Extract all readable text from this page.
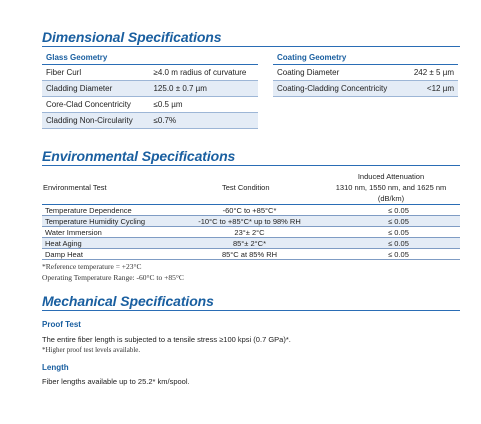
Dimensional Specifications
Glass Geometry	
Fiber Curl	≥4.0 m radius of curvature
Cladding Diameter	125.0 ± 0.7 µm
Core-Clad Concentricity	≤0.5 µm
Cladding Non-Circularity	≤0.7%
Coating Geometry	
Coating Diameter	242 ± 5 µm
Coating-Cladding Concentricity	<12 µm
Environmental Specifications
Environmental Test	Test Condition
Induced Attenuation
1310 nm, 1550 nm, and 1625 nm
(dB/km)
Temperature Dependence	-60°C to +85°C*	≤ 0.05
Temperature Humidity Cycling	-10°C to +85°C* up to 98% RH	≤ 0.05
Water Immersion	23°± 2°C	≤ 0.05
Heat Aging	85°± 2°C*	≤ 0.05
Damp Heat	85°C at 85% RH	≤ 0.05
*Reference temperature = +23°C
Operating Temperature Range: -60°C to +85°C
Mechanical Specifications
Proof Test
The entire fiber length is subjected to a tensile stress ≥100 kpsi (0.7 GPa)*.
*Higher proof test levels available.
Length
Fiber lengths available up to 25.2* km/spool.
